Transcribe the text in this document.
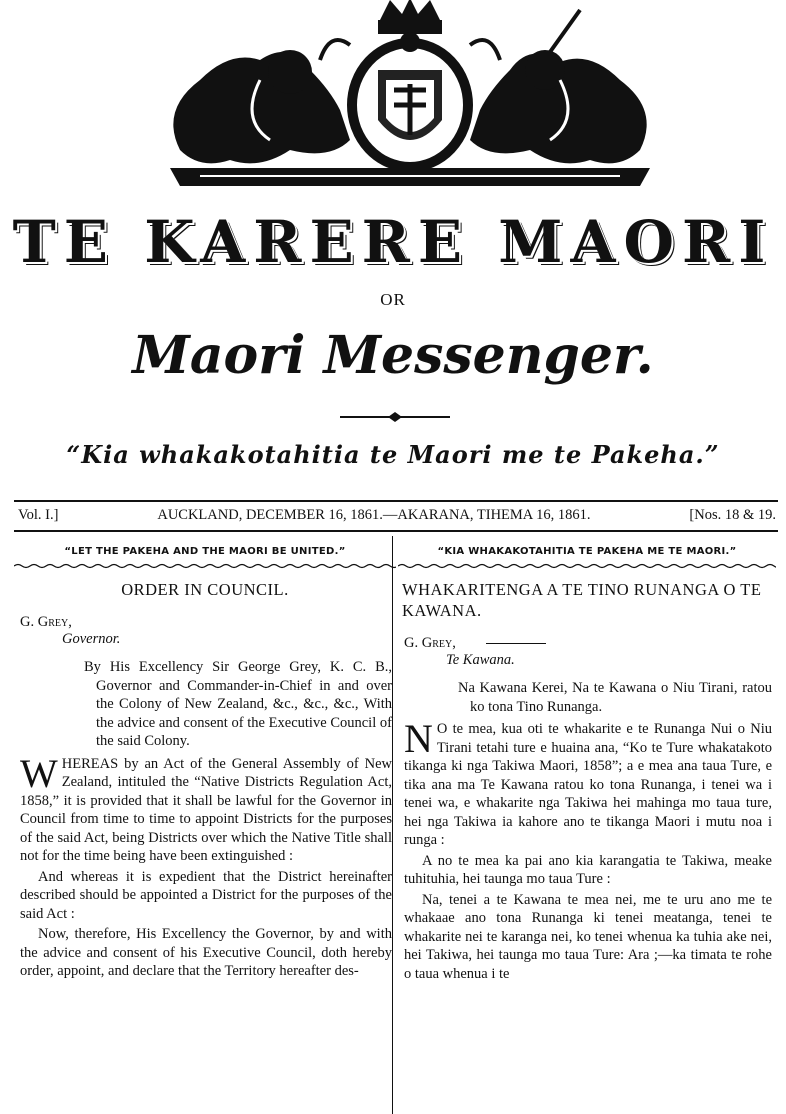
TE KARERE MAORI
OR
Maori Messenger.
“Kia whakakotahitia te Maori me te Pakeha.”
Vol. I.]	AUCKLAND, DECEMBER 16, 1861.—AKARANA, TIHEMA 16, 1861.	[Nos. 18 & 19.
“LET THE PAKEHA AND THE MAORI BE UNITED.”
ORDER IN COUNCIL.
G. Grey,
Governor.
By His Excellency Sir George Grey, K. C. B., Governor and Commander-in-Chief in and over the Colony of New Zealand, &c., &c., &c., With the advice and consent of the Executive Council of the said Colony.
W HEREAS by an Act of the General Assembly of New Zealand, intituled the “Native Districts Regulation Act, 1858,” it is provided that it shall be lawful for the Governor in Council from time to time to appoint Districts for the purposes of the said Act, being Districts over which the Native Title shall not for the time being have been extinguished :
And whereas it is expedient that the District hereinafter described should be appointed a District for the purposes of the said Act :
Now, therefore, His Excellency the Governor, by and with the advice and consent of his Executive Council, doth hereby order, appoint, and declare that the Territory hereafter des-
“KIA WHAKAKOTAHITIA TE PAKEHA ME TE MAORI.”
WHAKARITENGA A TE TINO RUNANGA O TE KAWANA.
G. Grey,
Te Kawana.
Na Kawana Kerei, Na te Kawana o Niu Tirani, ratou ko tona Tino Runanga.
N O te mea, kua oti te whakarite e te Runanga Nui o Niu Tirani tetahi ture e huaina ana, “Ko te Ture whakatakoto tikanga ki nga Takiwa Maori, 1858”; a e mea ana taua Ture, e tika ana ma Te Kawana ratou ko tona Runanga, i tenei wa i tenei wa, e whakarite nga Takiwa hei mahinga mo taua ture, hei nga Takiwa ia kahore ano te tikanga Maori i mutu noa i runga :
A no te mea ka pai ano kia karangatia te Takiwa, meake tuhituhia, hei taunga mo taua Ture :
Na, tenei a te Kawana te mea nei, me te uru ano me te whakaae ano tona Runanga ki tenei meatanga, tenei te whakarite nei te karanga nei, ko tenei whenua ka tuhia ake nei, hei Takiwa, hei taunga mo taua Ture: Ara ;—ka timata te rohe o taua whenua i te
